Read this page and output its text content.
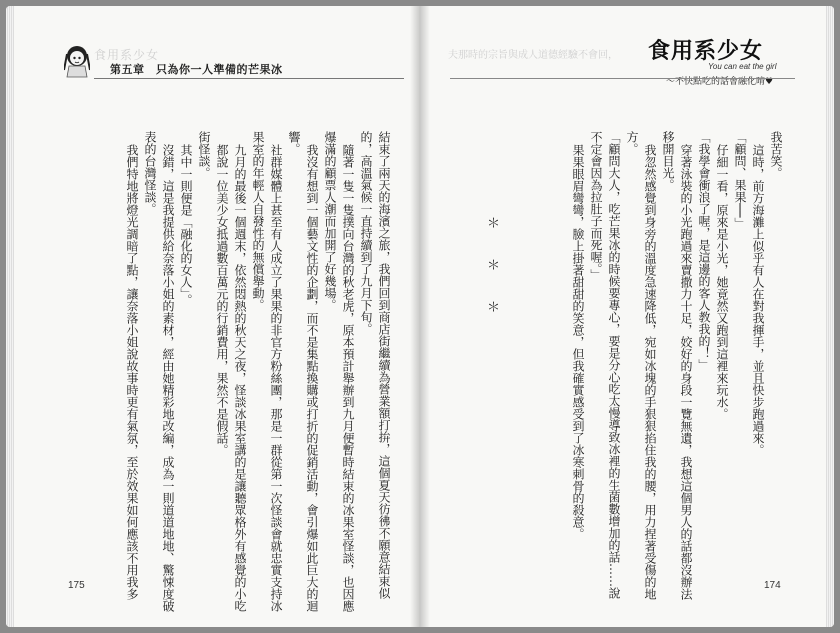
食用系少女
第五章　只為你一人準備的芒果冰
結束了兩天的海濱之旅，我們回到商店街繼續為營業額打拚，這個夏天彷彿不願意結束似
的，高溫氣候一直持續到了九月下旬。
隨著一隻一隻撲向台灣的秋老虎，原本預計舉辦到九月便暫時結束的冰果室怪談，也因應
爆滿的顧票人潮而加開了好幾場。
我沒有想到一個藝文性的企劃，而不是集點換購或打折的促銷活動，會引爆如此巨大的迴
響。
社群媒體上甚至有人成立了果果的非官方粉絲團，那是一群從第一次怪談會就忠實支持冰
果室的年輕人自發性的無償舉動。
九月的最後一個週末，依然悶熱的秋天之夜，怪談冰果室講的是讓聽眾格外有感覺的小吃
都說一位美少女抵過數百萬元的行銷費用，果然不是假話。
街怪談。
其中一則便是「融化的女人」。
沒錯，這是我提供給奈落小姐的素材，經由她精彩地改編，成為一則道道地地、驚悚度破
表的台灣怪談。
我們特地將燈光調暗了點，讓奈落小姐說故事時更有氣氛，至於效果如何應該不用我多
175
夫那時的宗旨與成人道德經驗不會回，	食用系少女
You can eat the girl
〜不快點吃的話會融化唷♥
我苦笑。
這時，前方海灘上似乎有人在對我揮手，並且快步跑過來。
「顧問、果果──」
仔細一看，原來是小光，她竟然又跑到這裡來玩水。
「我學會衝浪了喔，是這邊的客人教我的！」
穿著泳裝的小光跑過來賣撒力十足，姣好的身段一覽無遺，我想這個男人的話都沒辦法
移開目光。
我忽然感覺到身旁的溫度急速降低，宛如冰塊的手狠狠掐住我的腰，用力捏著受傷的地
方。
「顧問大人，吃芒果冰的時候要專心，要是分心吃太慢導致冰裡的生菌數增加的話……說
不定會因為拉肚子而死喔。」
果果眼眉彎彎，臉上掛著甜甜的笑意，但我確實感受到了冰寒刺骨的殺意。
＊　＊　＊
174
